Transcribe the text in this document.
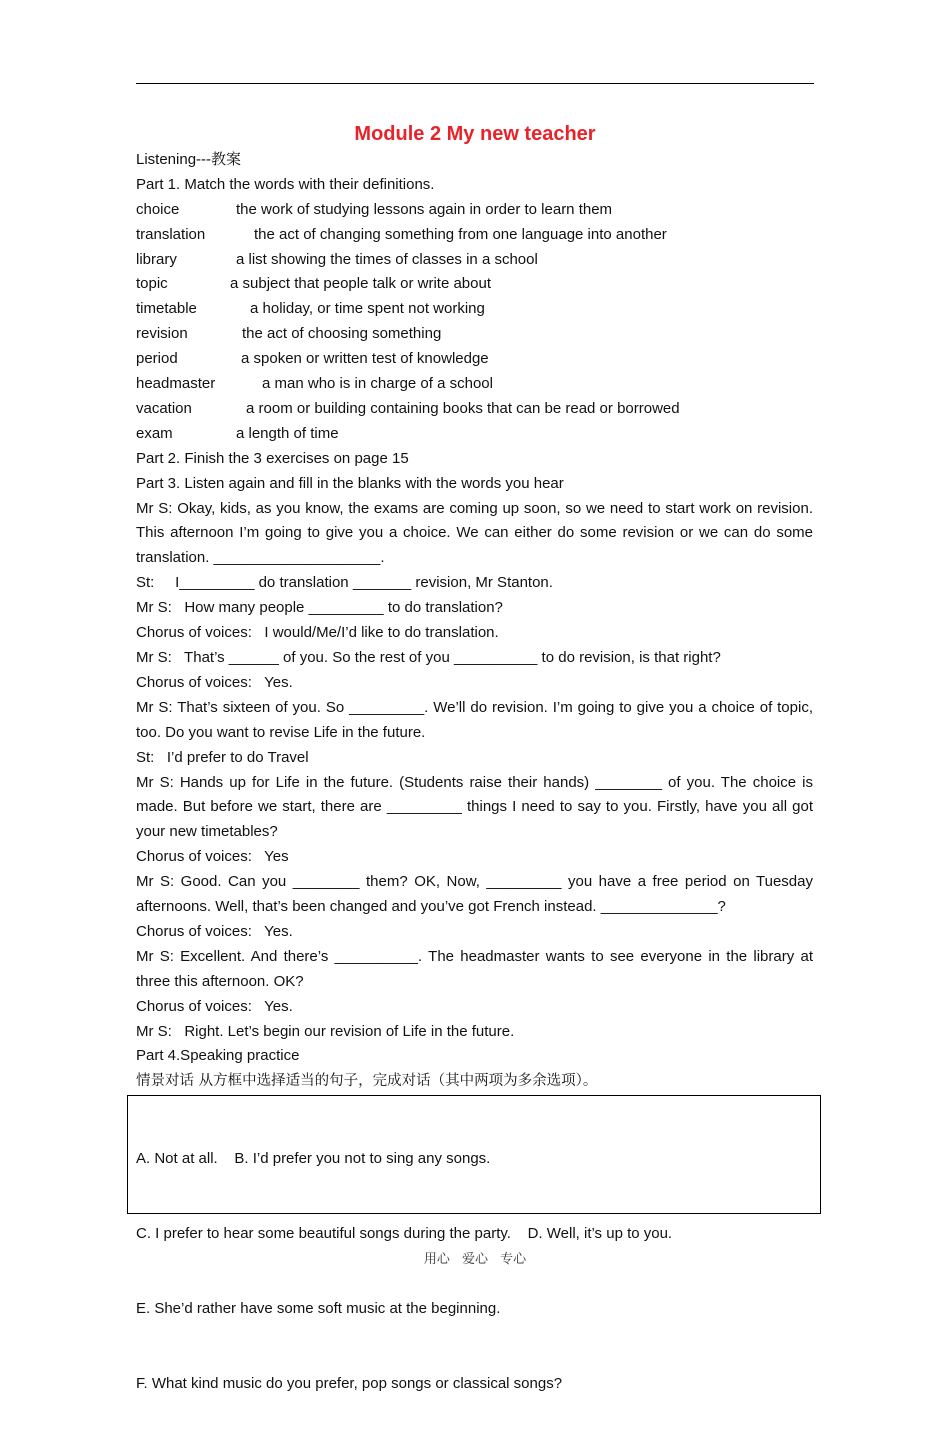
Module 2 My new teacher
Listening---教案
Part 1. Match the words with their definitions.
choice	the work of studying lessons again in order to learn them
translation	the act of changing something from one language into another
library	a list showing the times of classes in a school
topic	a subject that people talk or write about
timetable	a holiday, or time spent not working
revision	the act of choosing something
period	a spoken or written test of knowledge
headmaster	a man who is in charge of a school
vacation	a room or building containing books that can be read or borrowed
exam	a length of time
Part 2. Finish the 3 exercises on page 15
Part 3. Listen again and fill in the blanks with the words you hear
Mr S: Okay, kids, as you know, the exams are coming up soon, so we need to start work on revision. This afternoon I’m going to give you a choice. We can either do some revision or we can do some translation. ____________________.
St:     I_________ do translation _______ revision, Mr Stanton.
Mr S:   How many people _________ to do translation?
Chorus of voices:   I would/Me/I’d like to do translation.
Mr S:   That’s ______ of you. So the rest of you __________ to do revision, is that right?
Chorus of voices:   Yes.
Mr S: That’s sixteen of you. So _________. We’ll do revision. I’m going to give you a choice of topic, too. Do you want to revise Life in the future.
St:   I’d prefer to do Travel
Mr S: Hands up for Life in the future. (Students raise their hands) ________ of you. The choice is made. But before we start, there are _________ things I need to say to you. Firstly, have you all got your new timetables?
Chorus of voices:   Yes
Mr S: Good. Can you ________ them? OK, Now, _________ you have a free period on Tuesday afternoons. Well, that’s been changed and you’ve got French instead. ______________?
Chorus of voices:   Yes.
Mr S: Excellent. And there’s __________. The headmaster wants to see everyone in the library at three this afternoon. OK?
Chorus of voices:   Yes.
Mr S:   Right. Let’s begin our revision of Life in the future.
Part 4.Speaking practice
情景对话 从方框中选择适当的句子，完成对话（其中两项为多余选项）。

A. Not at all.    B. I’d prefer you not to sing any songs.

C. I prefer to hear some beautiful songs during the party.    D. Well, it’s up to you.

E. She’d rather have some soft music at the beginning.

F. What kind music do you prefer, pop songs or classical songs?

用心 爱心 专心
